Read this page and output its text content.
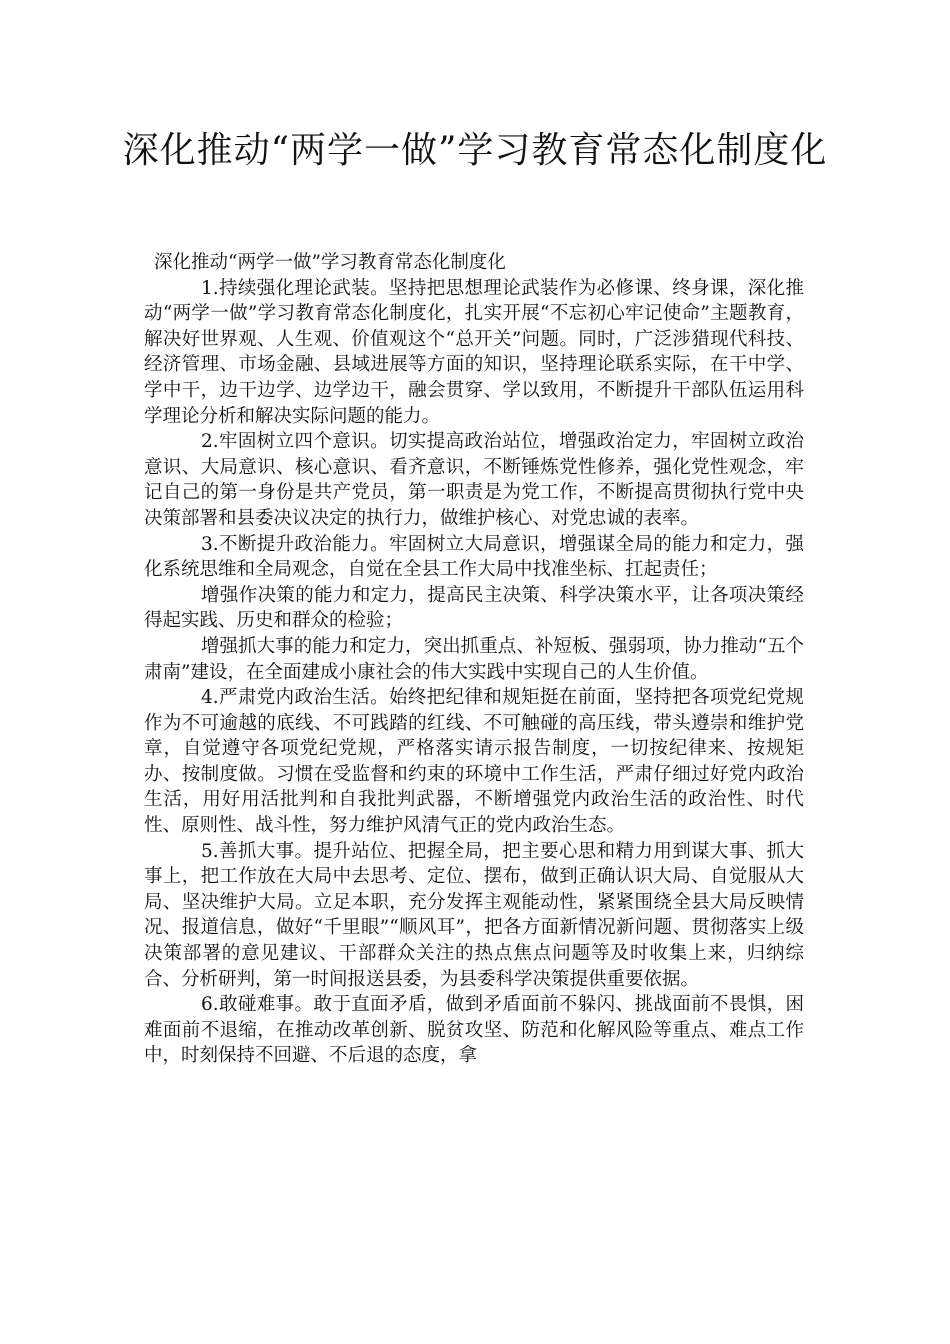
深化推动“两学一做”学习教育常态化制度化

深化推动“两学一做”学习教育常态化制度化

1.持续强化理论武装。坚持把思想理论武装作为必修课、终身课，深化推动“两学一做”学习教育常态化制度化，扎实开展“不忘初心牢记使命”主题教育，解决好世界观、人生观、价值观这个“总开关”问题。同时，广泛涉猎现代科技、经济管理、市场金融、县域进展等方面的知识，坚持理论联系实际，在干中学、学中干，边干边学、边学边干，融会贯穿、学以致用，不断提升干部队伍运用科学理论分析和解决实际问题的能力。

2.牢固树立四个意识。切实提高政治站位，增强政治定力，牢固树立政治意识、大局意识、核心意识、看齐意识，不断锤炼党性修养，强化党性观念，牢记自己的第一身份是共产党员，第一职责是为党工作，不断提高贯彻执行党中央决策部署和县委决议决定的执行力，做维护核心、对党忠诚的表率。

3.不断提升政治能力。牢固树立大局意识，增强谋全局的能力和定力，强化系统思维和全局观念，自觉在全县工作大局中找准坐标、扛起责任；

增强作决策的能力和定力，提高民主决策、科学决策水平，让各项决策经得起实践、历史和群众的检验；

增强抓大事的能力和定力，突出抓重点、补短板、强弱项，协力推动“五个肃南”建设，在全面建成小康社会的伟大实践中实现自己的人生价值。

4.严肃党内政治生活。始终把纪律和规矩挺在前面，坚持把各项党纪党规作为不可逾越的底线、不可践踏的红线、不可触碰的高压线，带头遵崇和维护党章，自觉遵守各项党纪党规，严格落实请示报告制度，一切按纪律来、按规矩办、按制度做。习惯在受监督和约束的环境中工作生活，严肃仔细过好党内政治生活，用好用活批判和自我批判武器，不断增强党内政治生活的政治性、时代性、原则性、战斗性，努力维护风清气正的党内政治生态。

5.善抓大事。提升站位、把握全局，把主要心思和精力用到谋大事、抓大事上，把工作放在大局中去思考、定位、摆布，做到正确认识大局、自觉服从大局、坚决维护大局。立足本职，充分发挥主观能动性，紧紧围绕全县大局反映情况、报道信息，做好“千里眼”“顺风耳”，把各方面新情况新问题、贯彻落实上级决策部署的意见建议、干部群众关注的热点焦点问题等及时收集上来，归纳综合、分析研判，第一时间报送县委，为县委科学决策提供重要依据。

6.敢碰难事。敢于直面矛盾，做到矛盾面前不躲闪、挑战面前不畏惧，困难面前不退缩，在推动改革创新、脱贫攻坚、防范和化解风险等重点、难点工作中，时刻保持不回避、不后退的态度，拿
